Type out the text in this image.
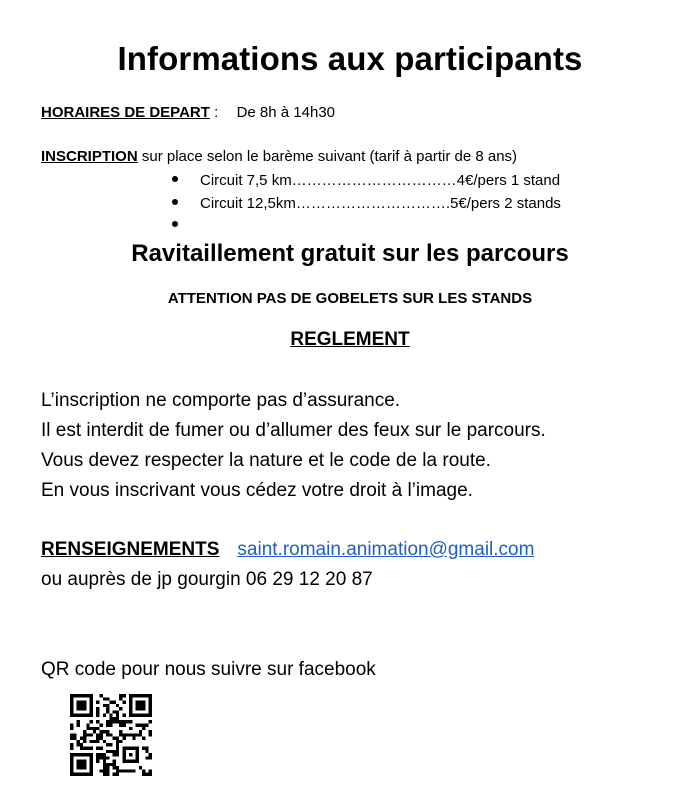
Informations aux participants
HORAIRES DE DEPART : De 8h à 14h30
INSCRIPTION sur place selon le barème suivant (tarif à partir de 8 ans)
Circuit 7,5 km……………………………4€/pers 1 stand
Circuit 12,5km………………………….5€/pers 2 stands
Ravitaillement gratuit sur les parcours
ATTENTION PAS DE GOBELETS SUR LES STANDS
REGLEMENT
L’inscription ne comporte pas d’assurance.
Il est interdit de fumer ou d’allumer des feux sur le parcours.
Vous devez respecter la nature et le code de la route.
En vous inscrivant vous cédez votre droit à l’image.
RENSEIGNEMENTS saint.romain.animation@gmail.com
ou auprès de jp gourgin 06 29 12 20 87
QR code pour nous suivre sur facebook
